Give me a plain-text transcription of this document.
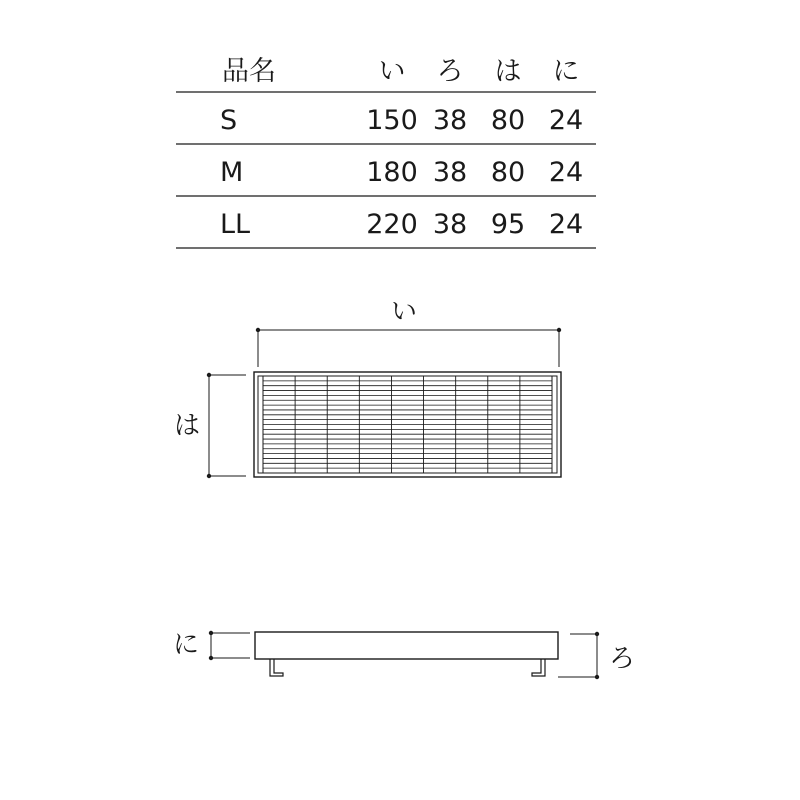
品名	い ろ は に
S	150 38 80 24
M	180 38 80 24
LL	220 38 95 24
い
は
に	ろ
